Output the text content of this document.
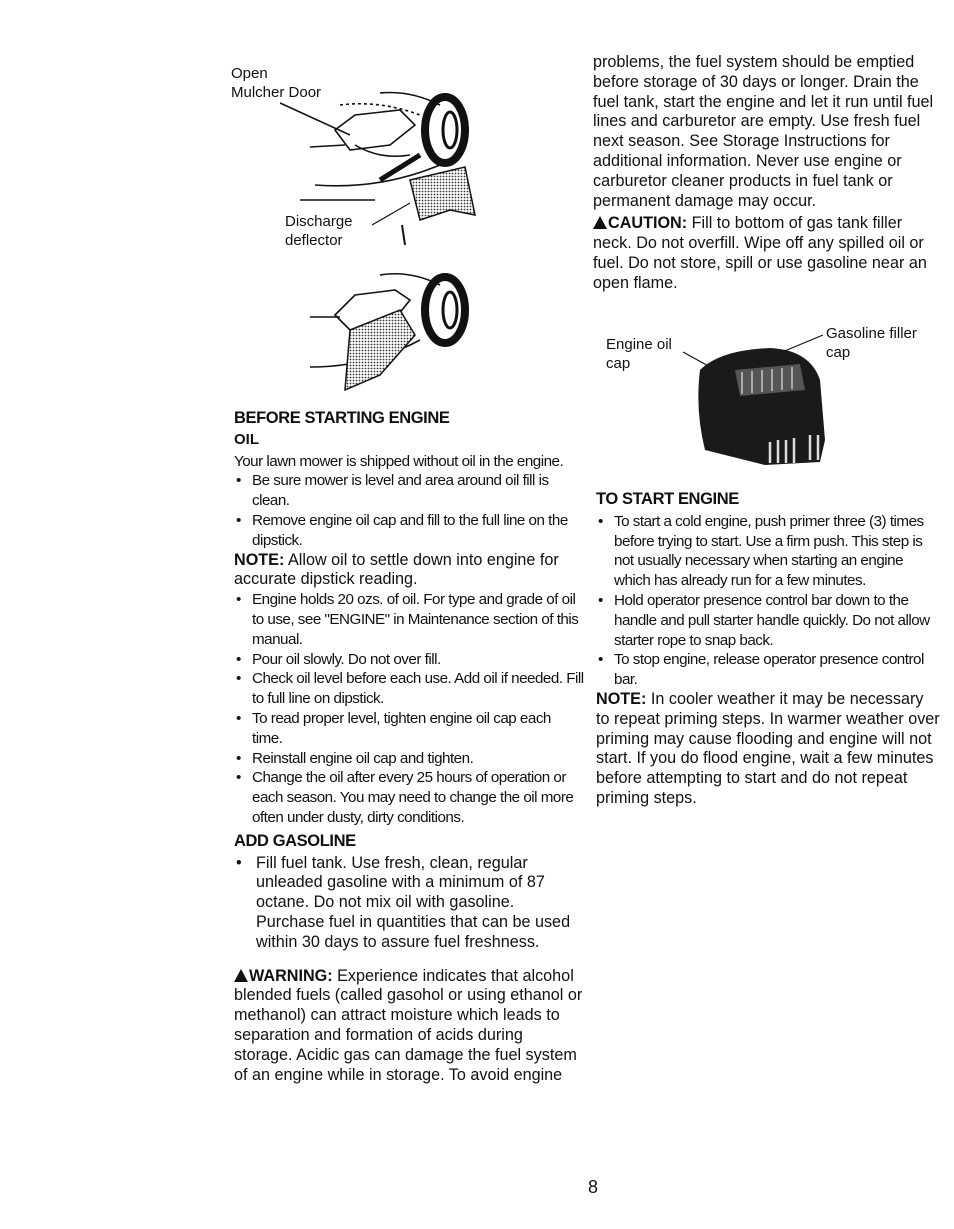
Open
Mulcher Door
Discharge
deflector
BEFORE STARTING ENGINE
OIL

Your lawn mower is shipped without oil in the engine.

• Be sure mower is level and area around oil fill is clean.
• Remove engine oil cap and fill to the full line on the dipstick.

NOTE: Allow oil to settle down into engine for accurate dipstick reading.

• Engine holds 20 ozs. of oil. For type and grade of oil to use, see "ENGINE" in Maintenance section of this manual.
• Pour oil slowly. Do not over fill.
• Check oil level before each use. Add oil if needed. Fill to full line on dipstick.
• To read proper level, tighten engine oil cap each time.
• Reinstall engine oil cap and tighten.
• Change the oil after every 25 hours of operation or each season. You may need to change the oil more often under dusty, dirty conditions.
ADD GASOLINE
• Fill fuel tank. Use fresh, clean, regular unleaded gasoline with a minimum of 87 octane. Do not mix oil with gasoline. Purchase fuel in quantities that can be used within 30 days to assure fuel freshness.

WARNING: Experience indicates that alcohol blended fuels (called gasohol or using ethanol or methanol) can attract moisture which leads to separation and formation of acids during storage. Acidic gas can damage the fuel system of an engine while in storage. To avoid engine

problems, the fuel system should be emptied before storage of 30 days or longer. Drain the fuel tank, start the engine and let it run until fuel lines and carburetor are empty. Use fresh fuel next season. See Storage Instructions for additional information. Never use engine or carburetor cleaner products in fuel tank or permanent damage may occur.

CAUTION: Fill to bottom of gas tank filler neck. Do not overfill. Wipe off any spilled oil or fuel. Do not store, spill or use gasoline near an open flame.

Engine oil
cap
Gasoline filler
cap
TO START ENGINE
• To start a cold engine, push primer three (3) times before trying to start. Use a firm push. This step is not usually necessary when starting an engine which has already run for a few minutes.
• Hold operator presence control bar down to the handle and pull starter handle quickly. Do not allow starter rope to snap back.
• To stop engine, release operator presence control bar.

NOTE: In cooler weather it may be necessary to repeat priming steps. In warmer weather over priming may cause flooding and engine will not start. If you do flood engine, wait a few minutes before attempting to start and do not repeat priming steps.

8
